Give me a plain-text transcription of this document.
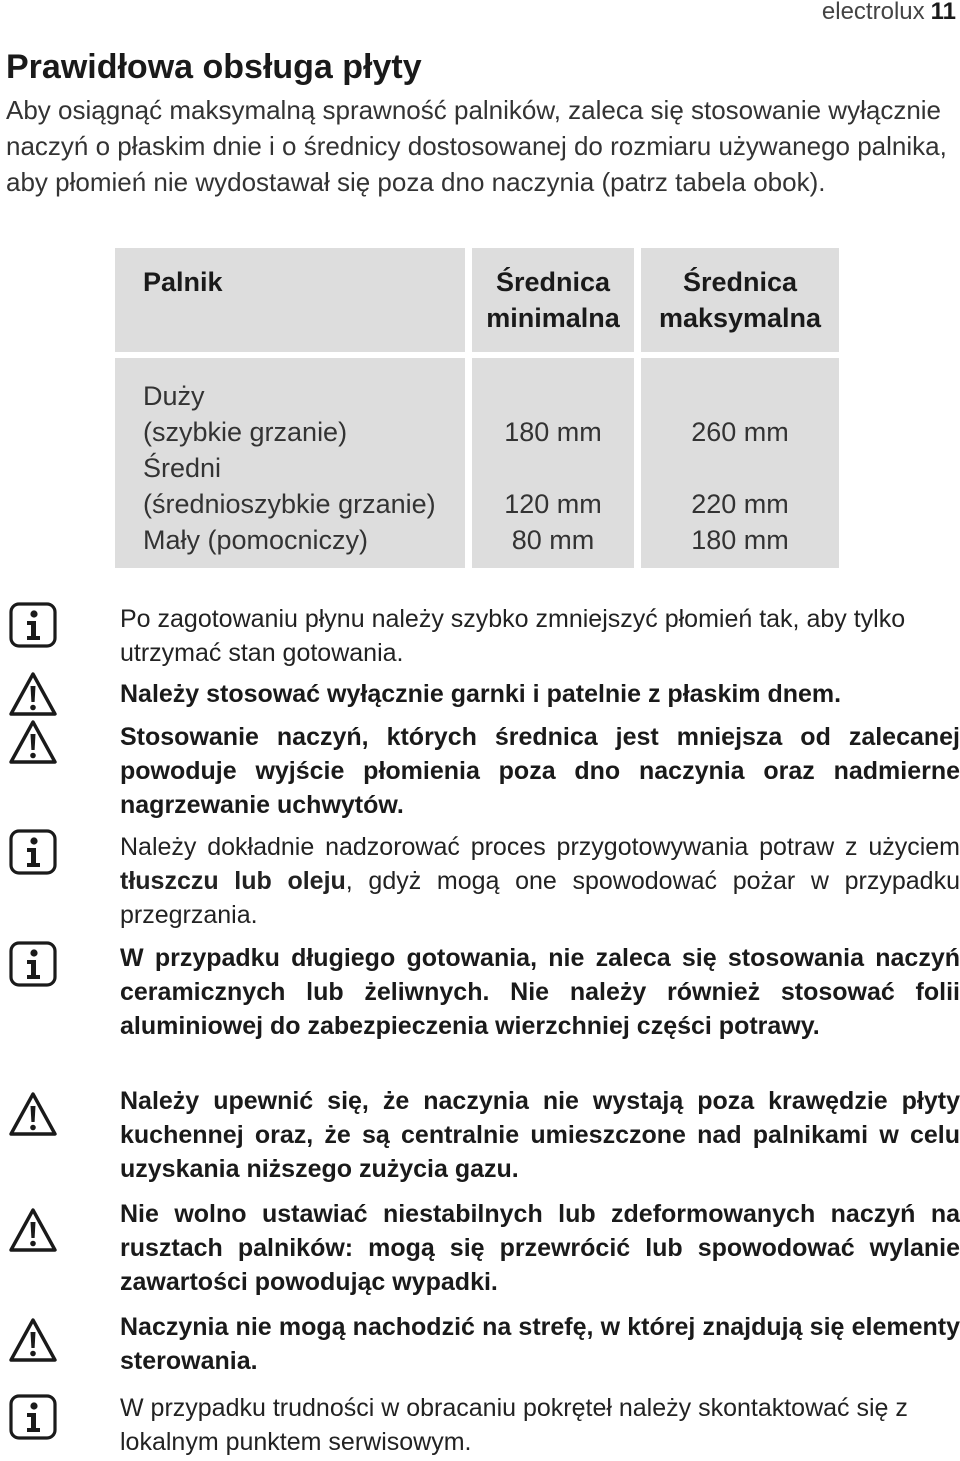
electrolux 11
Prawidłowa obsługa płyty

Aby osiągnąć maksymalną sprawność palników, zaleca się stosowanie wyłącznie naczyń o płaskim dnie i o średnicy dostosowanej do rozmiaru używanego palnika, aby płomień nie wydostawał się poza dno naczynia (patrz tabela obok).

Palnik	Średnica
minimalna
Średnica
maksymalna
Duży
(szybkie grzanie)
Średni
(średnioszybkie grzanie)
Mały (pomocniczy)
180 mm
120 mm
80 mm
260 mm
220 mm
180 mm

Po zagotowaniu płynu należy szybko zmniejszyć płomień tak, aby tylko utrzymać stan gotowania.

Należy stosować wyłącznie garnki i patelnie z płaskim dnem.

Stosowanie naczyń, których średnica jest mniejsza od zalecanej powoduje wyjście płomienia poza dno naczynia oraz nadmierne nagrzewanie uchwytów.

Należy dokładnie nadzorować proces przygotowywania potraw z użyciem tłuszczu lub oleju, gdyż mogą one spowodować pożar w przypadku przegrzania.

W przypadku długiego gotowania, nie zaleca się stosowania naczyń ceramicznych lub żeliwnych. Nie należy również stosować folii aluminiowej do zabezpieczenia wierzchniej części potrawy.

Należy upewnić się, że naczynia nie wystają poza krawędzie płyty kuchennej oraz, że są centralnie umieszczone nad palnikami w celu uzyskania niższego zużycia gazu.

Nie wolno ustawiać niestabilnych lub zdeformowanych naczyń na rusztach palników: mogą się przewrócić lub spowodować wylanie zawartości powodując wypadki.

Naczynia nie mogą nachodzić na strefę, w której znajdują się elementy sterowania.

W przypadku trudności w obracaniu pokręteł należy skontaktować się z lokalnym punktem serwisowym.
